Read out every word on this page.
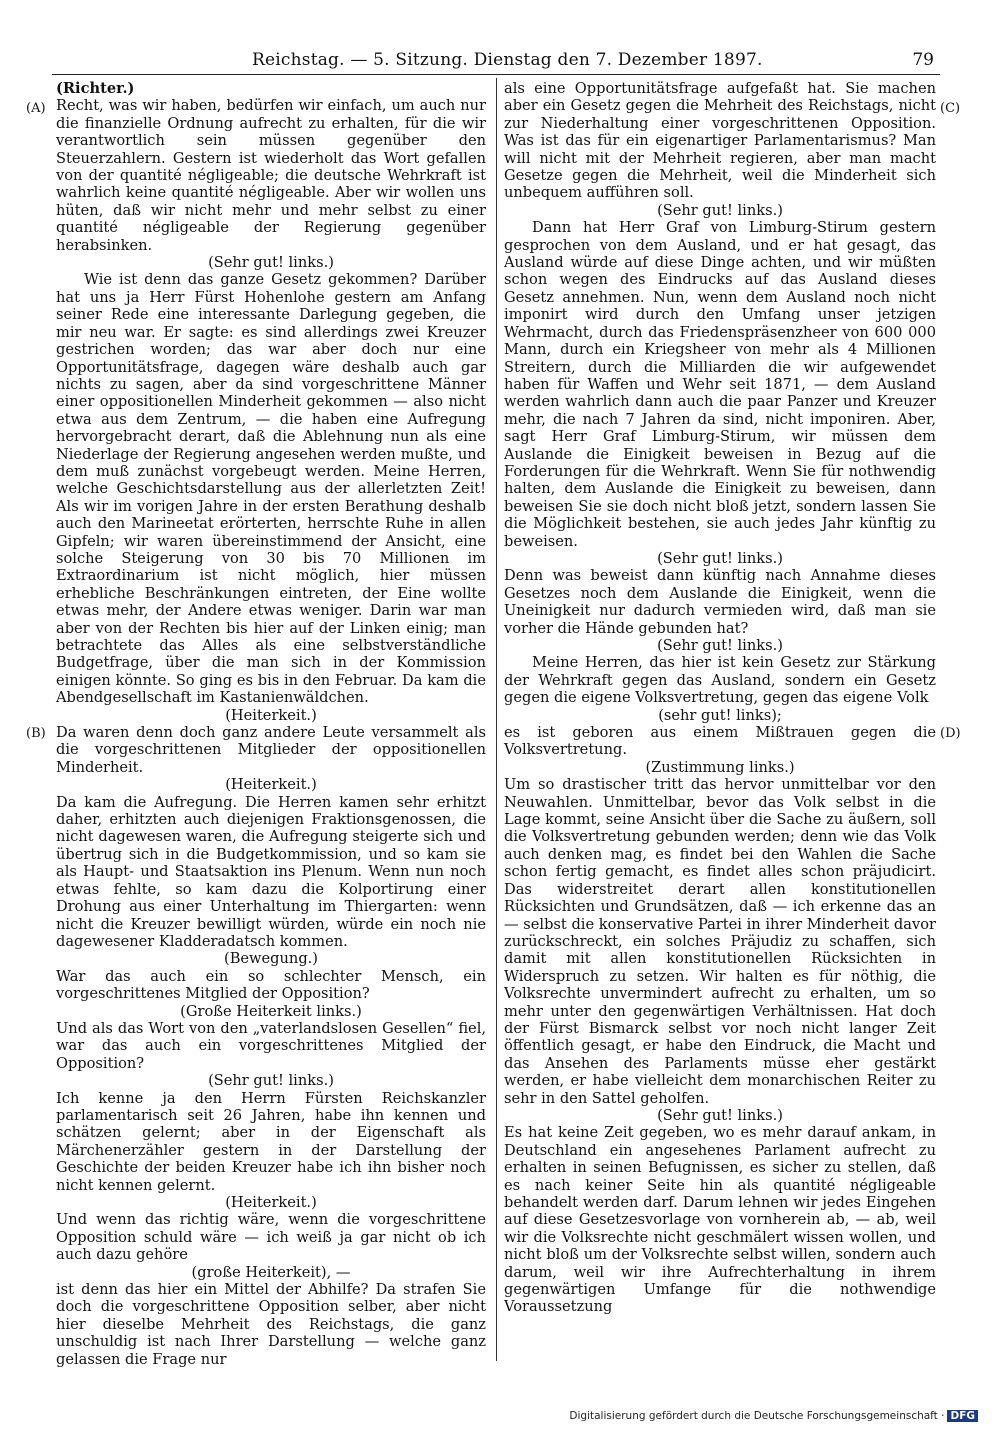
Reichstag. — 5. Sitzung. Dienstag den 7. Dezember 1897.	79
(A)
(B)
(C)
(D)

(Richter.)

Recht, was wir haben, bedürfen wir einfach, um auch nur die finanzielle Ordnung aufrecht zu erhalten, für die wir verantwortlich sein müssen gegenüber den Steuerzahlern. Gestern ist wiederholt das Wort gefallen von der quantité négligeable; die deutsche Wehrkraft ist wahrlich keine quantité négligeable. Aber wir wollen uns hüten, daß wir nicht mehr und mehr selbst zu einer quantité négligeable der Regierung gegenüber herabsinken.

(Sehr gut! links.)

Wie ist denn das ganze Gesetz gekommen? Darüber hat uns ja Herr Fürst Hohenlohe gestern am Anfang seiner Rede eine interessante Darlegung gegeben, die mir neu war. Er sagte: es sind allerdings zwei Kreuzer gestrichen worden; das war aber doch nur eine Opportunitätsfrage, dagegen wäre deshalb auch gar nichts zu sagen, aber da sind vorgeschrittene Männer einer oppositionellen Minderheit gekommen — also nicht etwa aus dem Zentrum, — die haben eine Aufregung hervorgebracht derart, daß die Ablehnung nun als eine Niederlage der Regierung angesehen werden mußte, und dem muß zunächst vorgebeugt werden. Meine Herren, welche Geschichtsdarstellung aus der allerletzten Zeit! Als wir im vorigen Jahre in der ersten Berathung deshalb auch den Marineetat erörterten, herrschte Ruhe in allen Gipfeln; wir waren übereinstimmend der Ansicht, eine solche Steigerung von 30 bis 70 Millionen im Extraordinarium ist nicht möglich, hier müssen erhebliche Beschränkungen eintreten, der Eine wollte etwas mehr, der Andere etwas weniger. Darin war man aber von der Rechten bis hier auf der Linken einig; man betrachtete das Alles als eine selbstverständliche Budgetfrage, über die man sich in der Kommission einigen könnte. So ging es bis in den Februar. Da kam die Abendgesellschaft im Kastanienwäldchen.

(Heiterkeit.)

Da waren denn doch ganz andere Leute versammelt als die vorgeschrittenen Mitglieder der oppositionellen Minderheit.

(Heiterkeit.)

Da kam die Aufregung. Die Herren kamen sehr erhitzt daher, erhitzten auch diejenigen Fraktionsgenossen, die nicht dagewesen waren, die Aufregung steigerte sich und übertrug sich in die Budgetkommission, und so kam sie als Haupt- und Staatsaktion ins Plenum. Wenn nun noch etwas fehlte, so kam dazu die Kolportirung einer Drohung aus einer Unterhaltung im Thiergarten: wenn nicht die Kreuzer bewilligt würden, würde ein noch nie dagewesener Kladderadatsch kommen.

(Bewegung.)

War das auch ein so schlechter Mensch, ein vorgeschrittenes Mitglied der Opposition?

(Große Heiterkeit links.)

Und als das Wort von den „vaterlandslosen Gesellen“ fiel, war das auch ein vorgeschrittenes Mitglied der Opposition?

(Sehr gut! links.)

Ich kenne ja den Herrn Fürsten Reichskanzler parlamentarisch seit 26 Jahren, habe ihn kennen und schätzen gelernt; aber in der Eigenschaft als Märchenerzähler gestern in der Darstellung der Geschichte der beiden Kreuzer habe ich ihn bisher noch nicht kennen gelernt.

(Heiterkeit.)

Und wenn das richtig wäre, wenn die vorgeschrittene Opposition schuld wäre — ich weiß ja gar nicht ob ich auch dazu gehöre

(große Heiterkeit), —

ist denn das hier ein Mittel der Abhilfe? Da strafen Sie doch die vorgeschrittene Opposition selber, aber nicht hier dieselbe Mehrheit des Reichstags, die ganz unschuldig ist nach Ihrer Darstellung — welche ganz gelassen die Frage nur

als eine Opportunitätsfrage aufgefaßt hat. Sie machen aber ein Gesetz gegen die Mehrheit des Reichstags, nicht zur Niederhaltung einer vorgeschrittenen Opposition. Was ist das für ein eigenartiger Parlamentarismus? Man will nicht mit der Mehrheit regieren, aber man macht Gesetze gegen die Mehrheit, weil die Minderheit sich unbequem aufführen soll.

(Sehr gut! links.)

Dann hat Herr Graf von Limburg-Stirum gestern gesprochen von dem Ausland, und er hat gesagt, das Ausland würde auf diese Dinge achten, und wir müßten schon wegen des Eindrucks auf das Ausland dieses Gesetz annehmen. Nun, wenn dem Ausland noch nicht imponirt wird durch den Umfang unser jetzigen Wehrmacht, durch das Friedenspräsenzheer von 600 000 Mann, durch ein Kriegsheer von mehr als 4 Millionen Streitern, durch die Milliarden die wir aufgewendet haben für Waffen und Wehr seit 1871, — dem Ausland werden wahrlich dann auch die paar Panzer und Kreuzer mehr, die nach 7 Jahren da sind, nicht imponiren. Aber, sagt Herr Graf Limburg-Stirum, wir müssen dem Auslande die Einigkeit beweisen in Bezug auf die Forderungen für die Wehrkraft. Wenn Sie für nothwendig halten, dem Auslande die Einigkeit zu beweisen, dann beweisen Sie sie doch nicht bloß jetzt, sondern lassen Sie die Möglichkeit bestehen, sie auch jedes Jahr künftig zu beweisen.

(Sehr gut! links.)

Denn was beweist dann künftig nach Annahme dieses Gesetzes noch dem Auslande die Einigkeit, wenn die Uneinigkeit nur dadurch vermieden wird, daß man sie vorher die Hände gebunden hat?

(Sehr gut! links.)

Meine Herren, das hier ist kein Gesetz zur Stärkung der Wehrkraft gegen das Ausland, sondern ein Gesetz gegen die eigene Volksvertretung, gegen das eigene Volk

(sehr gut! links);

es ist geboren aus einem Mißtrauen gegen die Volksvertretung.

(Zustimmung links.)

Um so drastischer tritt das hervor unmittelbar vor den Neuwahlen. Unmittelbar, bevor das Volk selbst in die Lage kommt, seine Ansicht über die Sache zu äußern, soll die Volksvertretung gebunden werden; denn wie das Volk auch denken mag, es findet bei den Wahlen die Sache schon fertig gemacht, es findet alles schon präjudicirt. Das widerstreitet derart allen konstitutionellen Rücksichten und Grundsätzen, daß — ich erkenne das an — selbst die konservative Partei in ihrer Minderheit davor zurückschreckt, ein solches Präjudiz zu schaffen, sich damit mit allen konstitutionellen Rücksichten in Widerspruch zu setzen. Wir halten es für nöthig, die Volksrechte unvermindert aufrecht zu erhalten, um so mehr unter den gegenwärtigen Verhältnissen. Hat doch der Fürst Bismarck selbst vor noch nicht langer Zeit öffentlich gesagt, er habe den Eindruck, die Macht und das Ansehen des Parlaments müsse eher gestärkt werden, er habe vielleicht dem monarchischen Reiter zu sehr in den Sattel geholfen.

(Sehr gut! links.)

Es hat keine Zeit gegeben, wo es mehr darauf ankam, in Deutschland ein angesehenes Parlament aufrecht zu erhalten in seinen Befugnissen, es sicher zu stellen, daß es nach keiner Seite hin als quantité négligeable behandelt werden darf. Darum lehnen wir jedes Eingehen auf diese Gesetzesvorlage von vornherein ab, — ab, weil wir die Volksrechte nicht geschmälert wissen wollen, und nicht bloß um der Volksrechte selbst willen, sondern auch darum, weil wir ihre Aufrechterhaltung in ihrem gegenwärtigen Umfange für die nothwendige Voraussetzung

Digitalisierung gefördert durch die Deutsche Forschungsgemeinschaft · DFG
